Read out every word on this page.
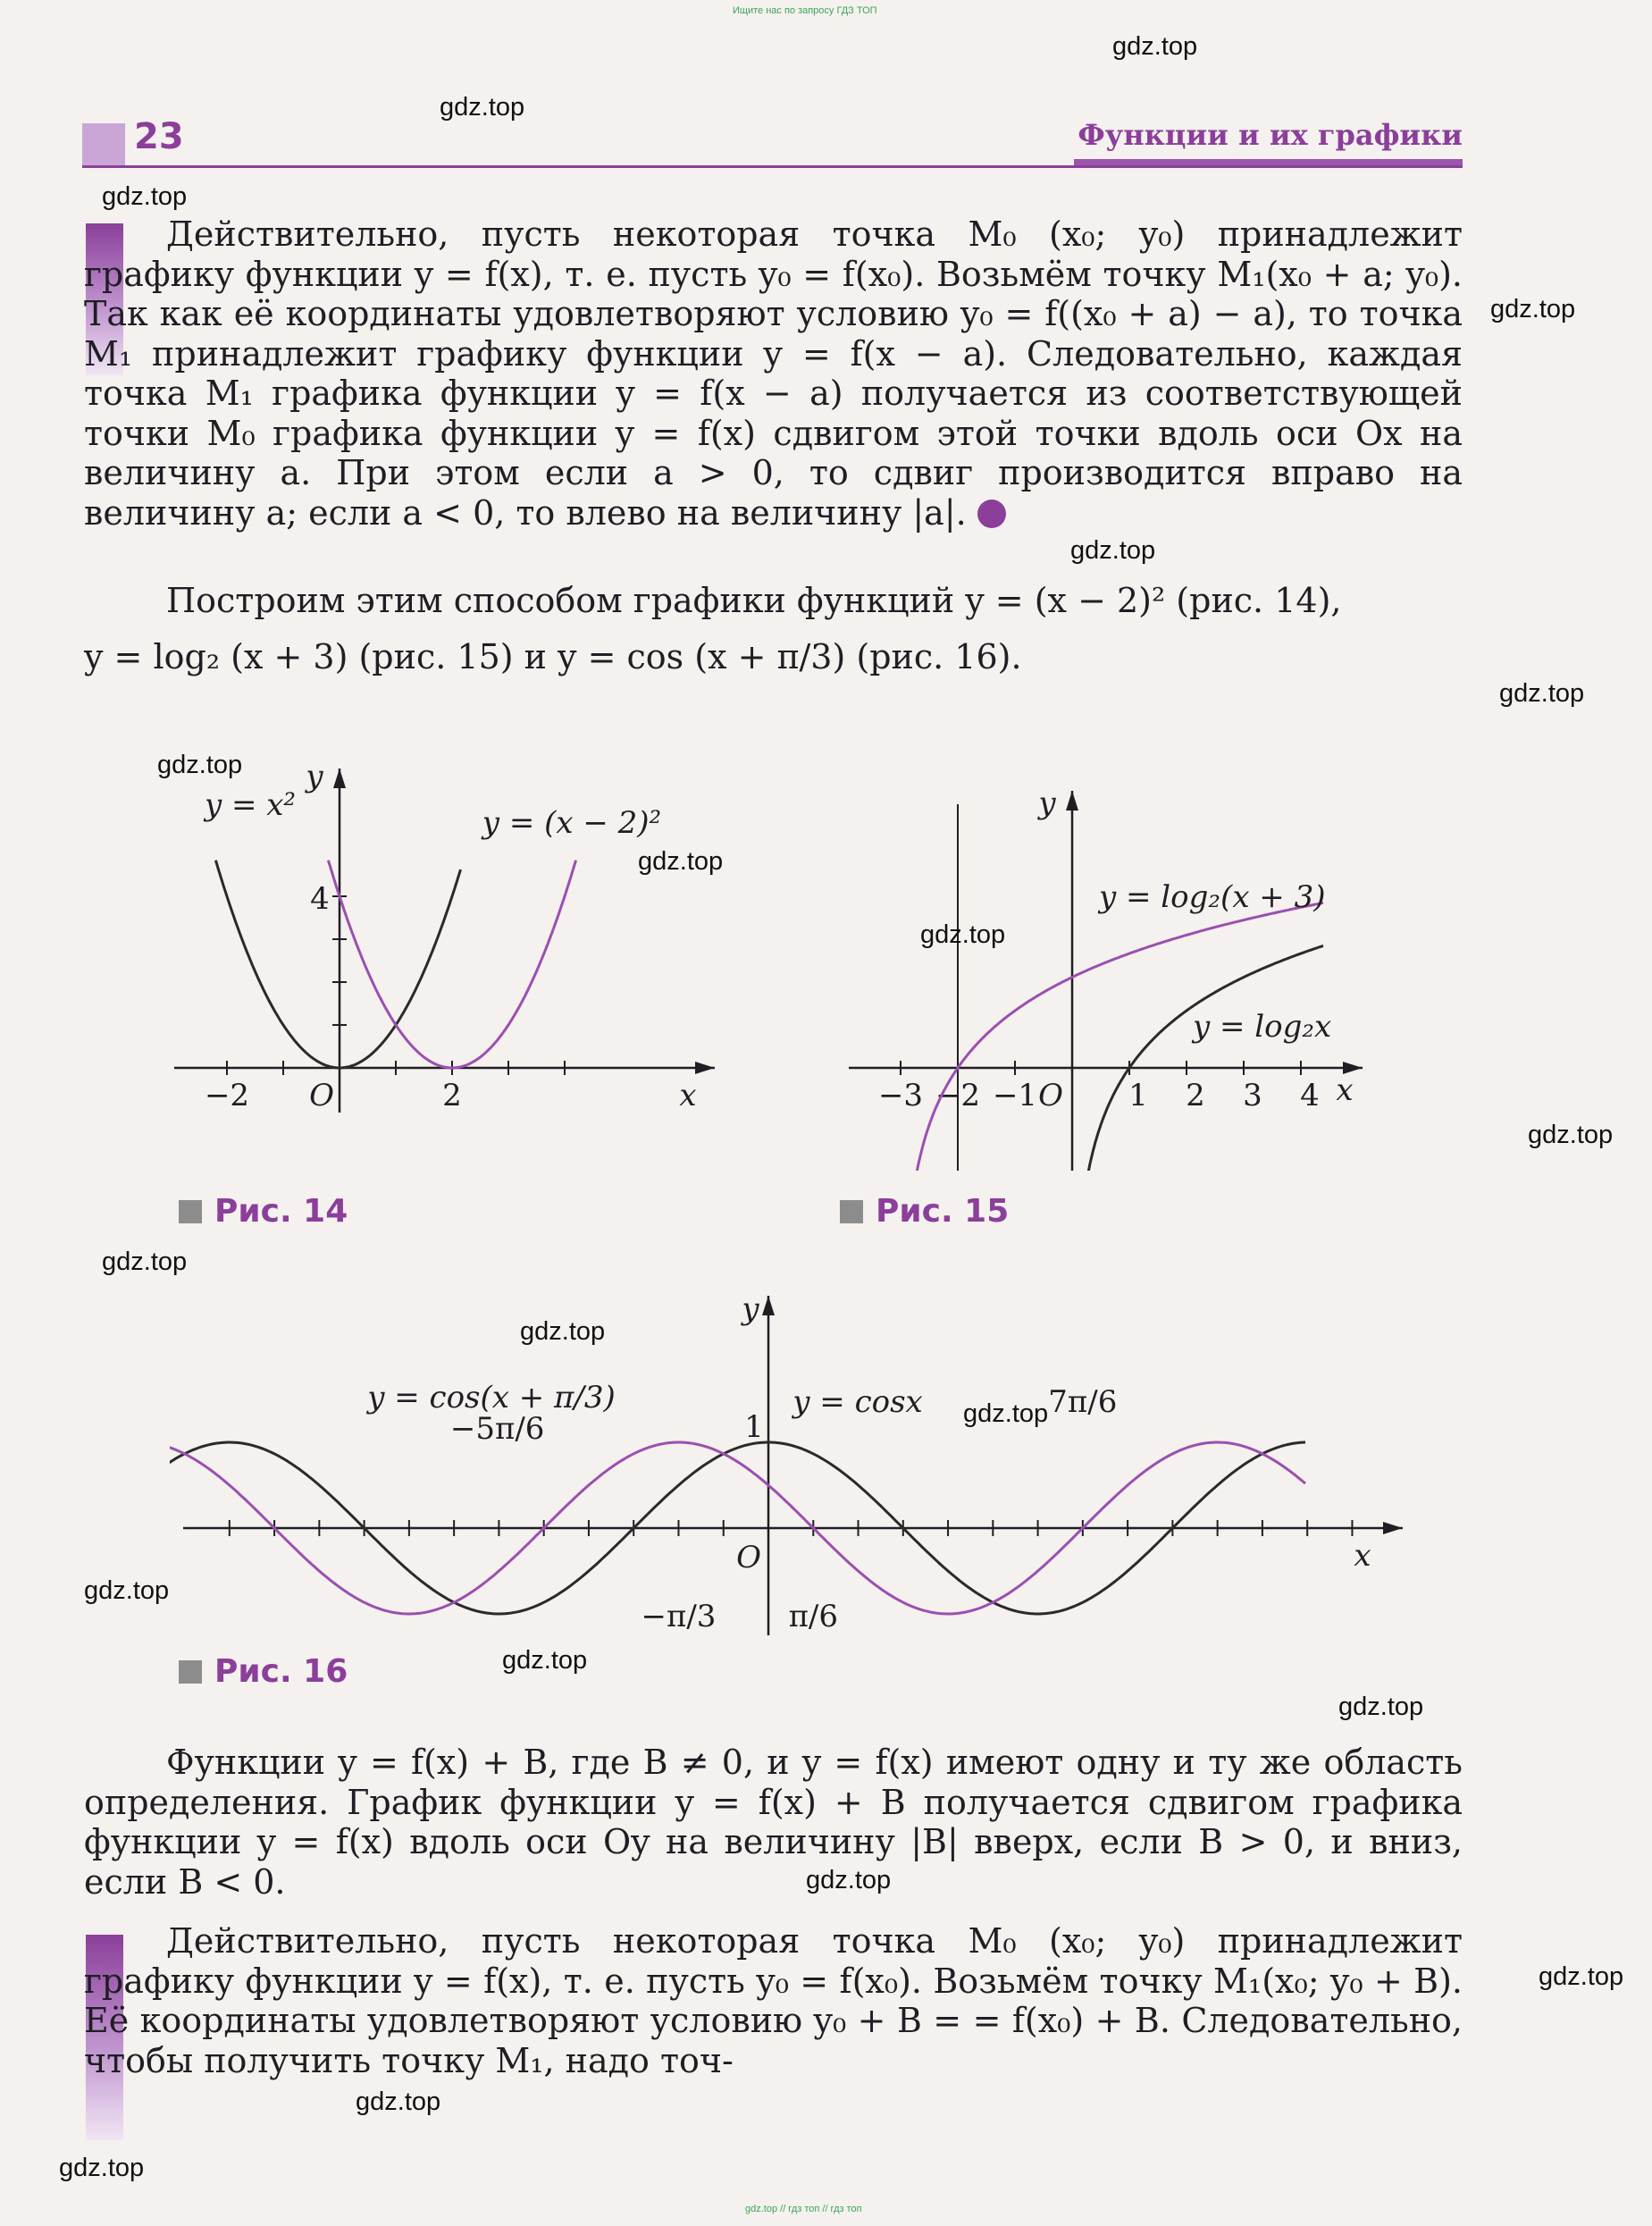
Ищите нас по запросу ГДЗ ТОП
23	Функции и их графики

Действительно, пусть некоторая точка M₀ (x₀; y₀) принадлежит графику функции y = f(x), т. е. пусть y₀ = f(x₀). Возьмём точку M₁(x₀ + a; y₀). Так как её координаты удовлетворяют условию y₀ = f((x₀ + a) − a), то точка M₁ принадлежит графику функции y = f(x − a). Следовательно, каждая точка M₁ графика функции y = f(x − a) получается из соответствующей точки M₀ графика функции y = f(x) сдвигом этой точки вдоль оси Ox на величину a. При этом если a > 0, то сдвиг производится вправо на величину a; если a < 0, то влево на величину |a|.

Построим этим способом графики функций y = (x − 2)² (рис. 14),
y = log₂ (x + 3) (рис. 15) и y = cos (x + π/3) (рис. 16).

−2	2
4
O	x
y
y = x²	y = (x − 2)²
Рис. 14
−3 −2 −1	1 2 3 4
O	x
y
y = log₂(x + 3)
y = log₂x
Рис. 15
1
O	x
y
y = cos(x + π/3)	y = cosx
−5π/6
−π/3 π/6
7π/6
Рис. 16

Функции y = f(x) + B, где B ≠ 0, и y = f(x) имеют одну и ту же область определения. График функции y = f(x) + B получается сдвигом графика функции y = f(x) вдоль оси Oy на величину |B| вверх, если B > 0, и вниз, если B < 0.

Действительно, пусть некоторая точка M₀ (x₀; y₀) принадлежит графику функции y = f(x), т. е. пусть y₀ = f(x₀). Возьмём точку M₁(x₀; y₀ + B). Её координаты удовлетворяют условию y₀ + B = = f(x₀) + B. Следовательно, чтобы получить точку M₁, надо точ-

gdz.top
gdz.top
gdz.top
gdz.top
gdz.top
gdz.top
gdz.top
gdz.top
gdz.top
gdz.top
gdz.top
gdz.top
gdz.top
gdz.top
gdz.top
gdz.top
gdz.top
gdz.top
gdz.top
gdz.top
gdz.top // гдз топ // гдз топ
